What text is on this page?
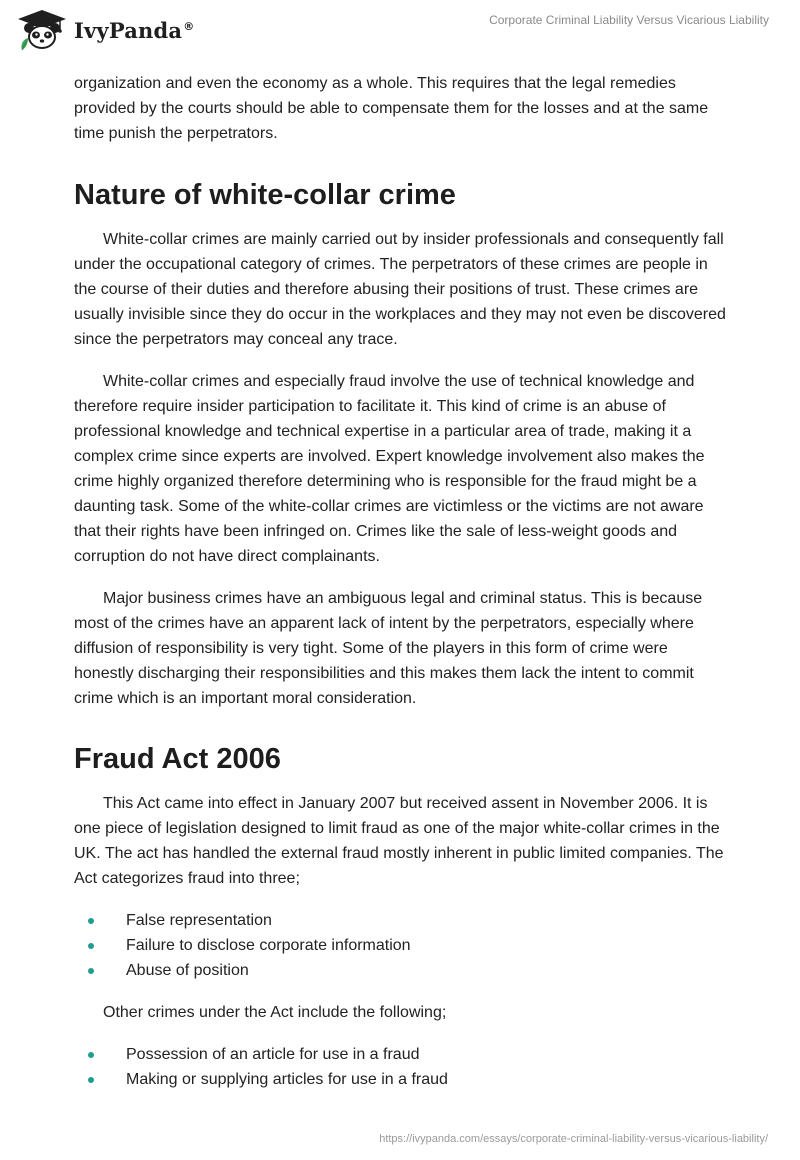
IvyPanda®	Corporate Criminal Liability Versus Vicarious Liability

organization and even the economy as a whole. This requires that the legal remedies provided by the courts should be able to compensate them for the losses and at the same time punish the perpetrators.

Nature of white-collar crime

White-collar crimes are mainly carried out by insider professionals and consequently fall under the occupational category of crimes. The perpetrators of these crimes are people in the course of their duties and therefore abusing their positions of trust. These crimes are usually invisible since they do occur in the workplaces and they may not even be discovered since the perpetrators may conceal any trace.

White-collar crimes and especially fraud involve the use of technical knowledge and therefore require insider participation to facilitate it. This kind of crime is an abuse of professional knowledge and technical expertise in a particular area of trade, making it a complex crime since experts are involved. Expert knowledge involvement also makes the crime highly organized therefore determining who is responsible for the fraud might be a daunting task. Some of the white-collar crimes are victimless or the victims are not aware that their rights have been infringed on. Crimes like the sale of less-weight goods and corruption do not have direct complainants.

Major business crimes have an ambiguous legal and criminal status. This is because most of the crimes have an apparent lack of intent by the perpetrators, especially where diffusion of responsibility is very tight. Some of the players in this form of crime were honestly discharging their responsibilities and this makes them lack the intent to commit crime which is an important moral consideration.

Fraud Act 2006

This Act came into effect in January 2007 but received assent in November 2006. It is one piece of legislation designed to limit fraud as one of the major white-collar crimes in the UK. The act has handled the external fraud mostly inherent in public limited companies. The Act categorizes fraud into three;

False representation
Failure to disclose corporate information
Abuse of position

Other crimes under the Act include the following;

Possession of an article for use in a fraud
Making or supplying articles for use in a fraud
https://ivypanda.com/essays/corporate-criminal-liability-versus-vicarious-liability/
